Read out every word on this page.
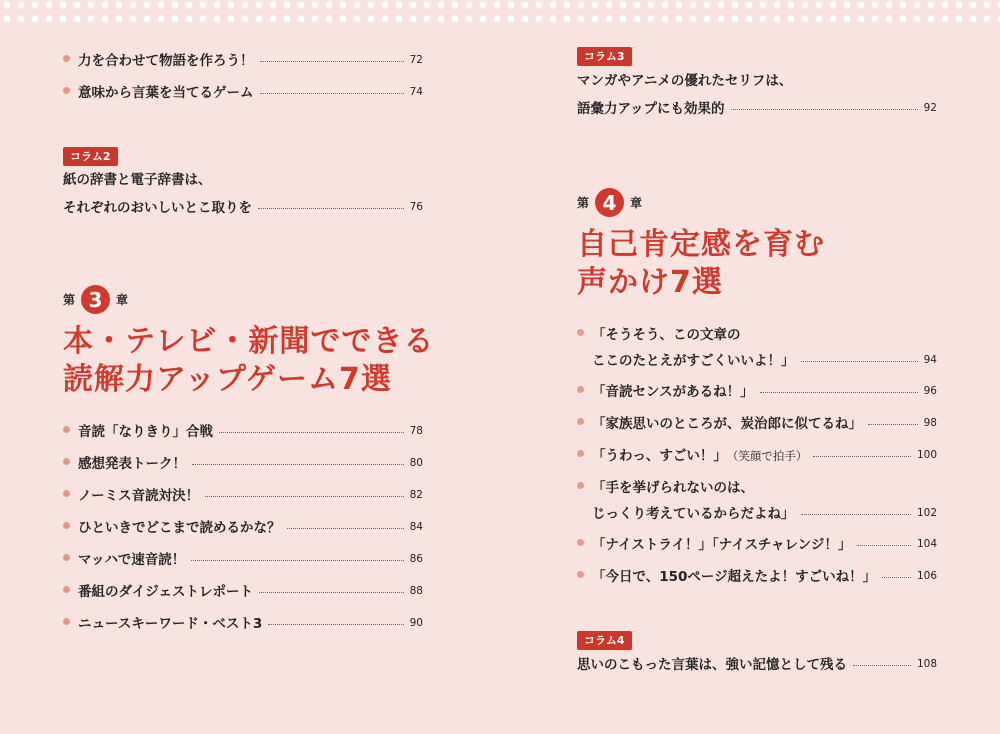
力を合わせて物語を作ろう！	72
意味から言葉を当てるゲーム	74
コラム2
紙の辞書と電子辞書は、
それぞれのおいしいとこ取りを	76
第 3	章
本・テレビ・新聞でできる
読解力アップゲーム7選
音読「なりきり」合戦	78
感想発表トーク！	80
ノーミス音読対決！	82
ひといきでどこまで読めるかな？	84
マッハで速音読！	86
番組のダイジェストレポート	88
ニュースキーワード・ベスト3	90
コラム3
マンガやアニメの優れたセリフは、
語彙力アップにも効果的	92
第 4	章
自己肯定感を育む
声かけ7選
「そうそう、この文章の
ここのたとえがすごくいいよ！」	94
「音読センスがあるね！」	96
「家族思いのところが、炭治郎に似てるね」	98
「うわっ、すごい！」 （笑顔で拍手）	100
「手を挙げられないのは、
じっくり考えているからだよね」	102
「ナイストライ！」「ナイスチャレンジ！」	104
「今日で、150ページ超えたよ！すごいね！」	106
コラム4
思いのこもった言葉は、強い記憶として残る	108
